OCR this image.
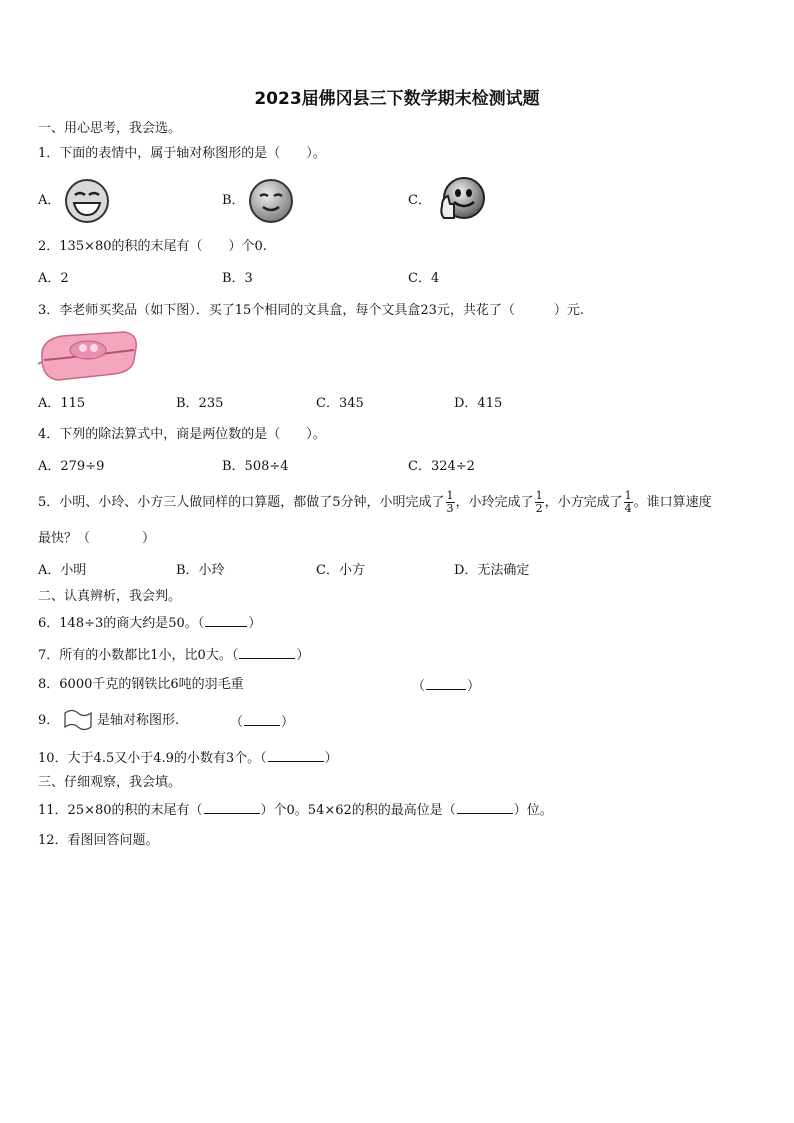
2023届佛冈县三下数学期末检测试题
一、用心思考，我会选。
1．下面的表情中，属于轴对称图形的是（　　）。
A．	B．	C．
2．135×80的积的末尾有（　　）个0.
A．2	B．3	C．4
3．李老师买奖品（如下图）．买了15个相同的文具盒，每个文具盒23元，共花了（　　　）元.
A．115	B．235	C．345	D．415
4．下列的除法算式中，商是两位数的是（　　）。
A．279÷9	B．508÷4	C．324÷2
5．小明、小玲、小方三人做同样的口算题，都做了5分钟，小明完成了 $\frac{1}{3}$ ，小玲完成了 $\frac{1}{2}$ ，小方完成了 $\frac{1}{4}$ 。谁口算速度
最快？（　　　　）
A．小明	B．小玲	C．小方	D．无法确定
二、认真辨析，我会判。
6．148÷3的商大约是50。（	）
7．所有的小数都比1小，比0大。（	）
8．6000千克的钢铁比6吨的羽毛重	（	）
9．	是轴对称图形.	（	）
10．大于4.5又小于4.9的小数有3个。（	）
三、仔细观察，我会填。
11．25×80的积的末尾有（	）个0。54×62的积的最高位是（	）位。
12．看图回答问题。
